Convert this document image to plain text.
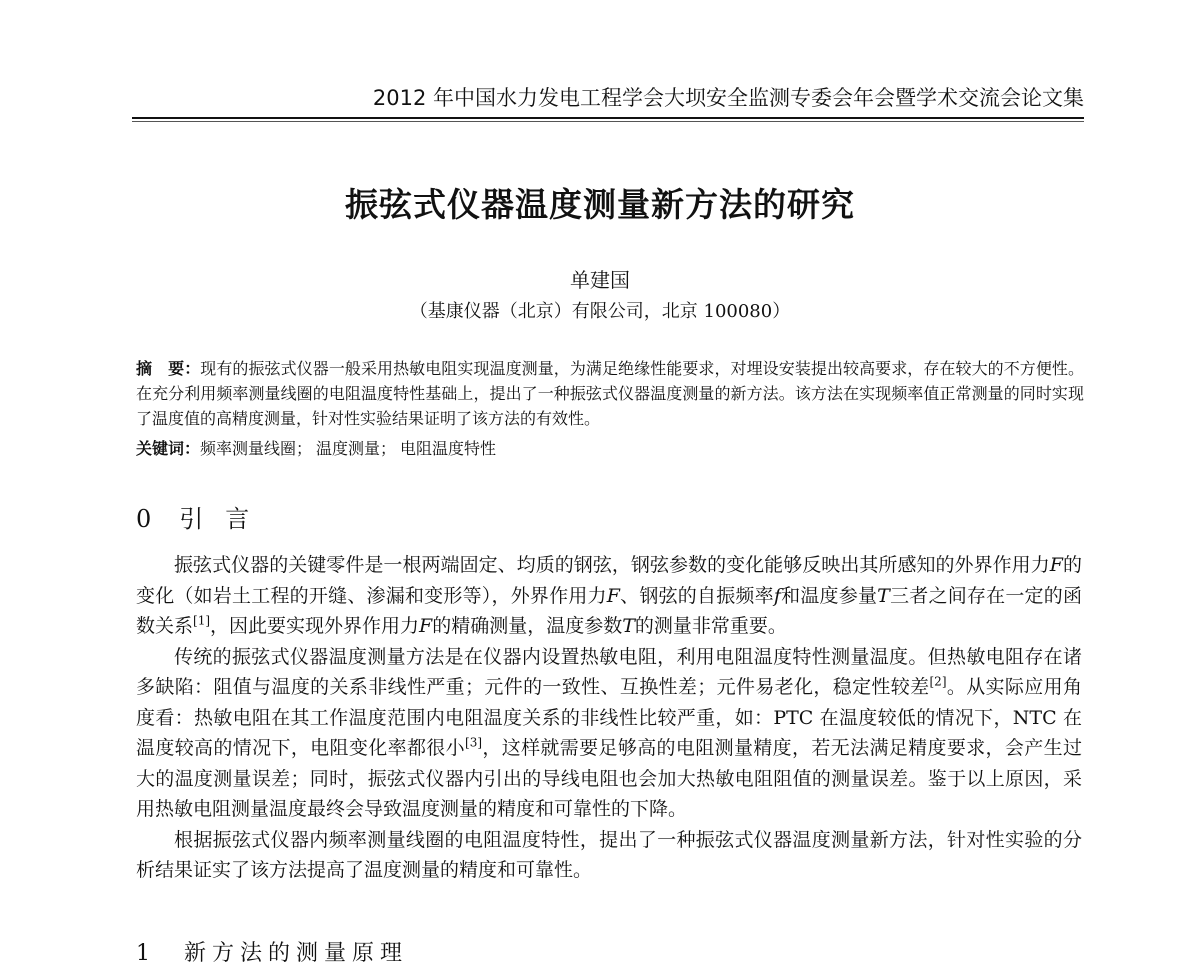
2012 年中国水力发电工程学会大坝安全监测专委会年会暨学术交流会论文集
振弦式仪器温度测量新方法的研究
单建国
（基康仪器（北京）有限公司，北京 100080）
摘　要：现有的振弦式仪器一般采用热敏电阻实现温度测量，为满足绝缘性能要求，对埋设安装提出较高要求，存在较大的不方便性。在充分利用频率测量线圈的电阻温度特性基础上，提出了一种振弦式仪器温度测量的新方法。该方法在实现频率值正常测量的同时实现了温度值的高精度测量，针对性实验结果证明了该方法的有效性。
关键词：频率测量线圈； 温度测量； 电阻温度特性
0 引言

振弦式仪器的关键零件是一根两端固定、均质的钢弦，钢弦参数的变化能够反映出其所感知的外界作用力F的变化（如岩土工程的开缝、渗漏和变形等），外界作用力F、钢弦的自振频率f和温度参量T三者之间存在一定的函数关系[1]，因此要实现外界作用力F的精确测量，温度参数T的测量非常重要。

传统的振弦式仪器温度测量方法是在仪器内设置热敏电阻，利用电阻温度特性测量温度。但热敏电阻存在诸多缺陷：阻值与温度的关系非线性严重；元件的一致性、互换性差；元件易老化，稳定性较差[2]。从实际应用角度看：热敏电阻在其工作温度范围内电阻温度关系的非线性比较严重，如：PTC 在温度较低的情况下，NTC 在温度较高的情况下，电阻变化率都很小[3]，这样就需要足够高的电阻测量精度，若无法满足精度要求，会产生过大的温度测量误差；同时，振弦式仪器内引出的导线电阻也会加大热敏电阻阻值的测量误差。鉴于以上原因，采用热敏电阻测量温度最终会导致温度测量的精度和可靠性的下降。

根据振弦式仪器内频率测量线圈的电阻温度特性，提出了一种振弦式仪器温度测量新方法，针对性实验的分析结果证实了该方法提高了温度测量的精度和可靠性。

1　新方法的测量原理
